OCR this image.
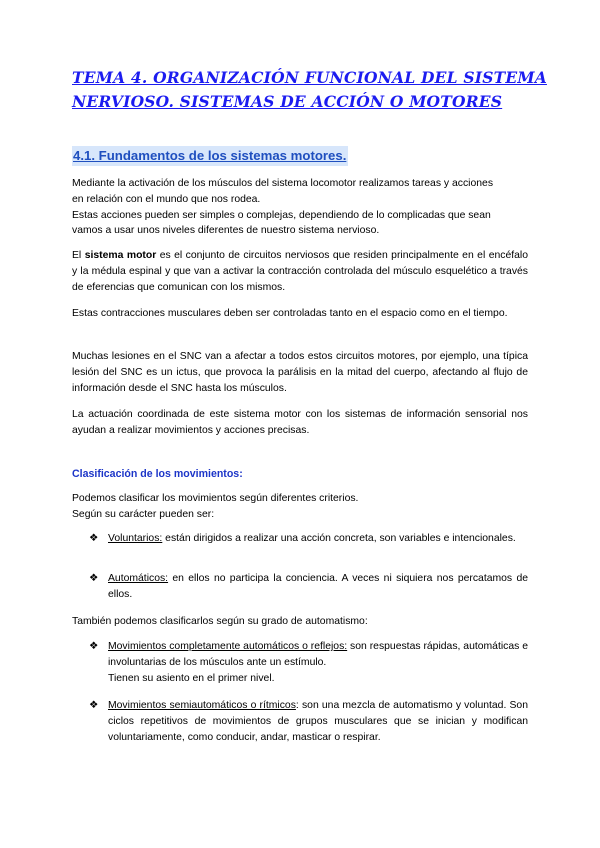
TEMA 4. ORGANIZACIÓN FUNCIONAL DEL SISTEMA
NERVIOSO. SISTEMAS DE ACCIÓN O MOTORES
4.1. Fundamentos de los sistemas motores.

Mediante la activación de los músculos del sistema locomotor realizamos tareas y acciones
en relación con el mundo que nos rodea.
Estas acciones pueden ser simples o complejas, dependiendo de lo complicadas que sean
vamos a usar unos niveles diferentes de nuestro sistema nervioso.

El sistema motor es el conjunto de circuitos nerviosos que residen principalmente en el encéfalo y la médula espinal y que van a activar la contracción controlada del músculo esquelético a través de eferencias que comunican con los mismos.

Estas contracciones musculares deben ser controladas tanto en el espacio como en el tiempo.

Muchas lesiones en el SNC van a afectar a todos estos circuitos motores, por ejemplo, una típica lesión del SNC es un ictus, que provoca la parálisis en la mitad del cuerpo, afectando al flujo de información desde el SNC hasta los músculos.

La actuación coordinada de este sistema motor con los sistemas de información sensorial nos ayudan a realizar movimientos y acciones precisas.

Clasificación de los movimientos:

Podemos clasificar los movimientos según diferentes criterios.
Según su carácter pueden ser:

❖ Voluntarios: están dirigidos a realizar una acción concreta, son variables e intencionales.

❖ Automáticos: en ellos no participa la conciencia. A veces ni siquiera nos percatamos de ellos.

También podemos clasificarlos según su grado de automatismo:

❖ Movimientos completamente automáticos o reflejos: son respuestas rápidas, automáticas e involuntarias de los músculos ante un estímulo.
Tienen su asiento en el primer nivel.

❖ Movimientos semiautomáticos o rítmicos: son una mezcla de automatismo y voluntad. Son ciclos repetitivos de movimientos de grupos musculares que se inician y modifican voluntariamente, como conducir, andar, masticar o respirar.
